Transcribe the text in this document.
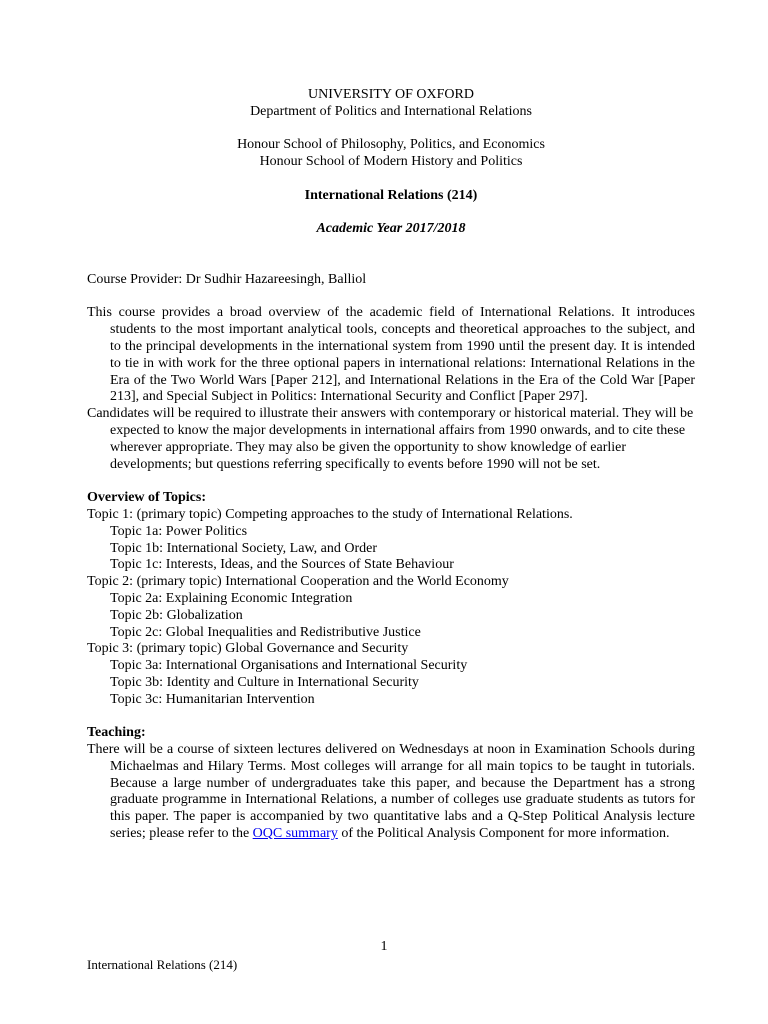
UNIVERSITY OF OXFORD
Department of Politics and International Relations
Honour School of Philosophy, Politics, and Economics
Honour School of Modern History and Politics
International Relations (214)
Academic Year 2017/2018
Course Provider: Dr Sudhir Hazareesingh, Balliol
This course provides a broad overview of the academic field of International Relations. It introduces students to the most important analytical tools, concepts and theoretical approaches to the subject, and to the principal developments in the international system from 1990 until the present day. It is intended to tie in with work for the three optional papers in international relations: International Relations in the Era of the Two World Wars [Paper 212], and International Relations in the Era of the Cold War [Paper 213], and Special Subject in Politics: International Security and Conflict [Paper 297].
Candidates will be required to illustrate their answers with contemporary or historical material. They will be expected to know the major developments in international affairs from 1990 onwards, and to cite these wherever appropriate. They may also be given the opportunity to show knowledge of earlier developments; but questions referring specifically to events before 1990 will not be set.
Overview of Topics:
Topic 1: (primary topic) Competing approaches to the study of International Relations.
Topic 1a: Power Politics
Topic 1b: International Society, Law, and Order
Topic 1c: Interests, Ideas, and the Sources of State Behaviour
Topic 2: (primary topic) International Cooperation and the World Economy
Topic 2a: Explaining Economic Integration
Topic 2b: Globalization
Topic 2c: Global Inequalities and Redistributive Justice
Topic 3: (primary topic) Global Governance and Security
Topic 3a: International Organisations and International Security
Topic 3b: Identity and Culture in International Security
Topic 3c: Humanitarian Intervention
Teaching:
There will be a course of sixteen lectures delivered on Wednesdays at noon in Examination Schools during Michaelmas and Hilary Terms. Most colleges will arrange for all main topics to be taught in tutorials. Because a large number of undergraduates take this paper, and because the Department has a strong graduate programme in International Relations, a number of colleges use graduate students as tutors for this paper. The paper is accompanied by two quantitative labs and a Q-Step Political Analysis lecture series; please refer to the OQC summary of the Political Analysis Component for more information.
1
International Relations (214)
